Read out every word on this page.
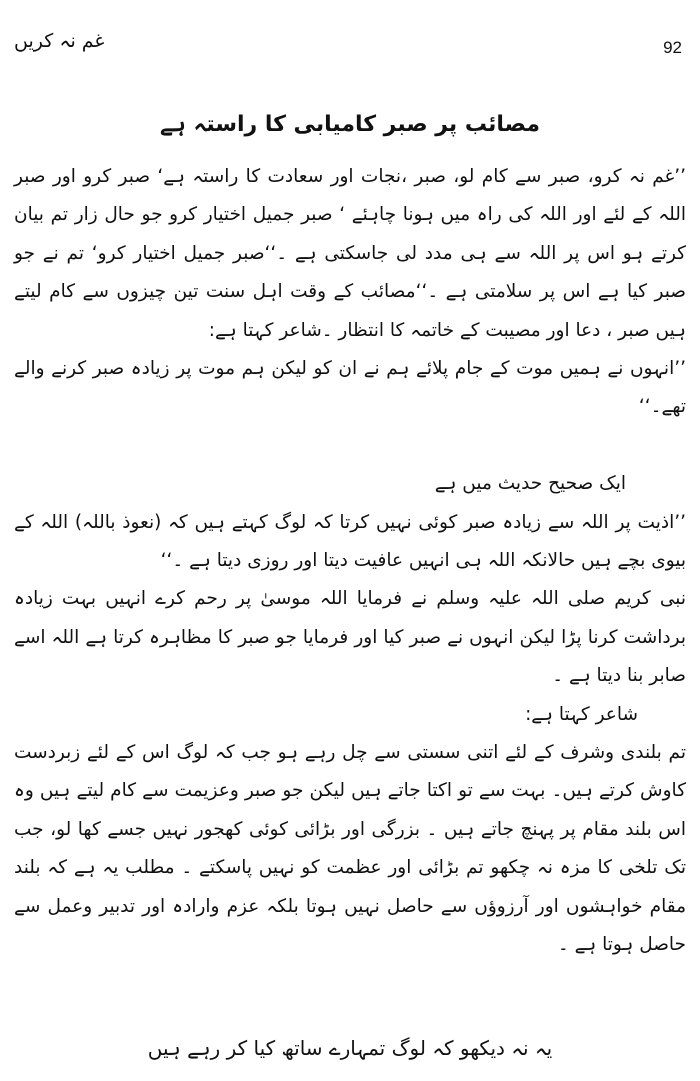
غم نہ کریں	92
مصائب پر صبر کامیابی کا راستہ ہے

’’غم نہ کرو، صبر سے کام لو، صبر ،نجات اور سعادت کا راستہ ہے‘ صبر کرو اور صبر اللہ کے لئے اور اللہ کی راہ میں ہونا چاہئے ‘ صبر جمیل اختیار کرو جو حال زار تم بیان کرتے ہو اس پر اللہ سے ہی مدد لی جاسکتی ہے ۔‘‘صبر جمیل اختیار کرو‘ تم نے جو صبر کیا ہے اس پر سلامتی ہے ۔‘‘مصائب کے وقت اہل سنت تین چیزوں سے کام لیتے ہیں صبر ، دعا اور مصیبت کے خاتمہ کا انتظار ۔شاعر کہتا ہے:

’’انہوں نے ہمیں موت کے جام پلائے ہم نے ان کو لیکن ہم موت پر زیادہ صبر کرنے والے تھے۔‘‘

ایک صحیح حدیث میں ہے

’’اذیت پر اللہ سے زیادہ صبر کوئی نہیں کرتا کہ لوگ کہتے ہیں کہ (نعوذ باللہ) اللہ کے بیوی بچے ہیں حالانکہ اللہ ہی انہیں عافیت دیتا اور روزی دیتا ہے ۔‘‘

نبی کریم صلی اللہ علیہ وسلم نے فرمایا اللہ موسیٰ پر رحم کرے انہیں بہت زیادہ برداشت کرنا پڑا لیکن انہوں نے صبر کیا اور فرمایا جو صبر کا مظاہرہ کرتا ہے اللہ اسے صابر بنا دیتا ہے ۔

شاعر کہتا ہے:

تم بلندی وشرف کے لئے اتنی سستی سے چل رہے ہو جب کہ لوگ اس کے لئے زبردست کاوش کرتے ہیں۔ بہت سے تو اکتا جاتے ہیں لیکن جو صبر وعزیمت سے کام لیتے ہیں وہ اس بلند مقام پر پہنچ جاتے ہیں ۔ بزرگی اور بڑائی کوئی کھجور نہیں جسے کھا لو، جب تک تلخی کا مزہ نہ چکھو تم بڑائی اور عظمت کو نہیں پاسکتے ۔ مطلب یہ ہے کہ بلند مقام خواہشوں اور آرزوؤں سے حاصل نہیں ہوتا بلکہ عزم وارادہ اور تدبیر وعمل سے حاصل ہوتا ہے ۔

یہ نہ دیکھو کہ لوگ تمہارے ساتھ کیا کر رہے ہیں
